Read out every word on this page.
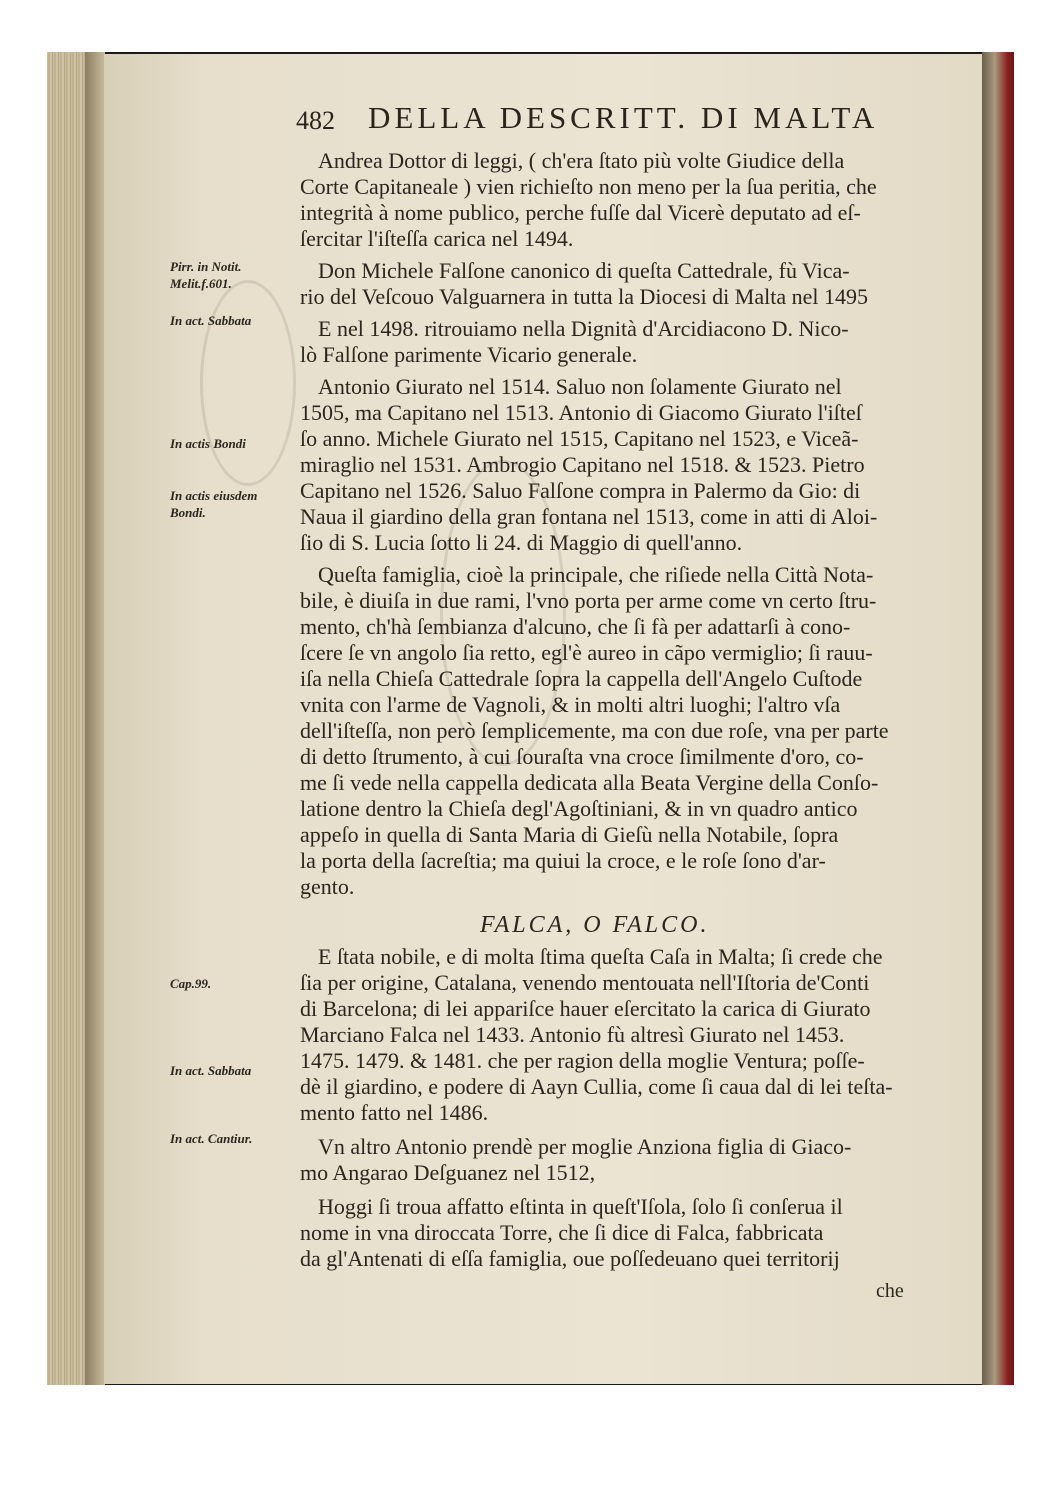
482 DELLA DESCRITT. DI MALTA
Pirr. in Notit.
Melit.f.601.
In act. Sabbata
In actis Bondi
In actis eiusdem
Bondi.
Cap.99.
In act. Sabbata
In act. Cantiur.
Andrea Dottor di leggi, ( ch'era ſtato più volte Giudice della
Corte Capitaneale ) vien richieſto non meno per la ſua peritia, che
integrità à nome publico, perche fuſſe dal Vicerè deputato ad eſ-
ſercitar l'iſteſſa carica nel 1494.
Don Michele Falſone canonico di queſta Cattedrale, fù Vica-
rio del Veſcouo Valguarnera in tutta la Diocesi di Malta nel 1495
E nel 1498. ritrouiamo nella Dignità d'Arcidiacono D. Nico-
lò Falſone parimente Vicario generale.
Antonio Giurato nel 1514. Saluo non ſolamente Giurato nel
1505, ma Capitano nel 1513. Antonio di Giacomo Giurato l'iſteſ
ſo anno. Michele Giurato nel 1515, Capitano nel 1523, e Viceã-
miraglio nel 1531. Ambrogio Capitano nel 1518. & 1523. Pietro
Capitano nel 1526. Saluo Falſone compra in Palermo da Gio: di
Naua il giardino della gran fontana nel 1513, come in atti di Aloi-
ſio di S. Lucia ſotto li 24. di Maggio di quell'anno.
Queſta famiglia, cioè la principale, che riſiede nella Città Nota-
bile, è diuiſa in due rami, l'vno porta per arme come vn certo ſtru-
mento, ch'hà ſembianza d'alcuno, che ſi fà per adattarſi à cono-
ſcere ſe vn angolo ſia retto, egl'è aureo in cãpo vermiglio; ſi rauu-
iſa nella Chieſa Cattedrale ſopra la cappella dell'Angelo Cuſtode
vnita con l'arme de Vagnoli, & in molti altri luoghi; l'altro vſa
dell'iſteſſa, non però ſemplicemente, ma con due roſe, vna per parte
di detto ſtrumento, à cui ſouraſta vna croce ſimilmente d'oro, co-
me ſi vede nella cappella dedicata alla Beata Vergine della Conſo-
latione dentro la Chieſa degl'Agoſtiniani, & in vn quadro antico
appeſo in quella di Santa Maria di Gieſù nella Notabile, ſopra
la porta della ſacreſtia; ma quiui la croce, e le roſe ſono d'ar-
gento.
FALCA, O FALCO.
E ſtata nobile, e di molta ſtima queſta Caſa in Malta; ſi crede che
ſia per origine, Catalana, venendo mentouata nell'Iſtoria de'Conti
di Barcelona; di lei appariſce hauer eſercitato la carica di Giurato
Marciano Falca nel 1433. Antonio fù altresì Giurato nel 1453.
1475. 1479. & 1481. che per ragion della moglie Ventura; poſſe-
dè il giardino, e podere di Aayn Cullia, come ſi caua dal di lei teſta-
mento fatto nel 1486.
Vn altro Antonio prendè per moglie Anziona figlia di Giaco-
mo Angarao Deſguanez nel 1512,
Hoggi ſi troua affatto eſtinta in queſt'Iſola, ſolo ſi conſerua il
nome in vna diroccata Torre, che ſi dice di Falca, fabbricata
da gl'Antenati di eſſa famiglia, oue poſſedeuano quei territorij
che
